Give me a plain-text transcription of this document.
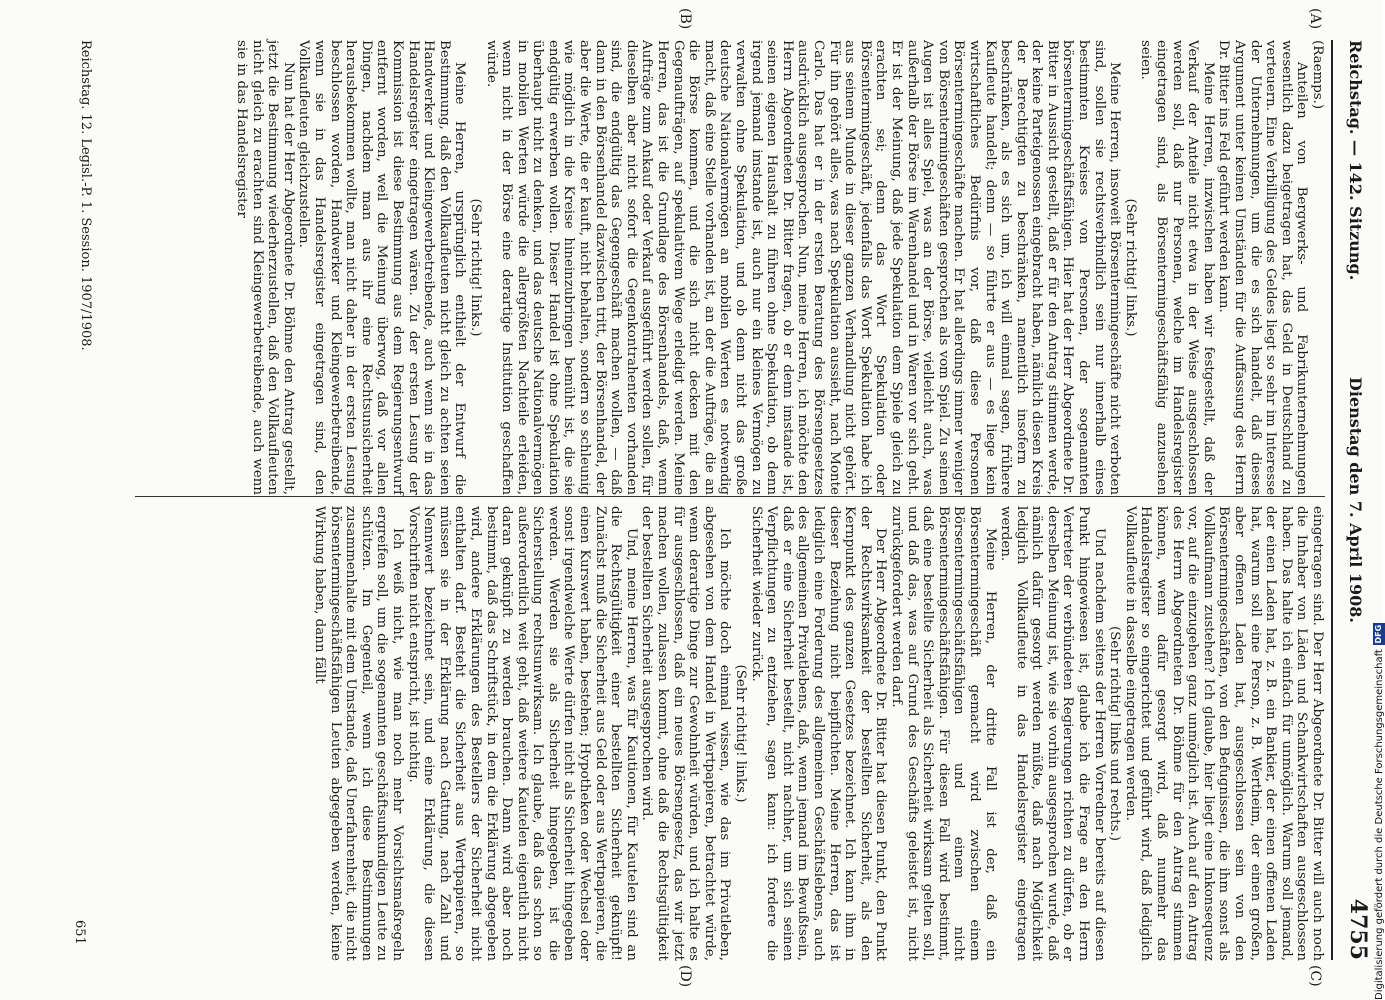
Reichstag. — 142. Sitzung.
Dienstag den 7. April 1908.
4755
(A)
(B)
(C)
(D)

(Raemps.)

Anteilen von Bergwerks- und Fabrikunternehmungen wesentlich dazu beigetragen hat, das Geld in Deutschland zu verteuern. Eine Verbilligung des Geldes liegt so sehr im Interesse der Unternehmungen, um die es sich handelt, daß dieses Argument unter keinen Umständen für die Auffassung des Herrn Dr. Bitter ins Feld geführt werden kann.

Meine Herren, inzwischen haben wir festgestellt, daß der Verkauf der Anteile nicht etwa in der Weise ausgeschlossen werden soll, daß nur Personen, welche im Handelsregister eingetragen sind, als Börsentermingeschäftsfähig anzusehen seien.

(Sehr richtig! links.)

Meine Herren, insoweit Börsentermingeschäfte nicht verboten sind, sollen sie rechtsverbindlich sein nur innerhalb eines bestimmten Kreises von Personen, der sogenannten börsentermingeschäftsfähigen. Hier hat der Herr Abgeordnete Dr. Bitter in Aussicht gestellt, daß er für den Antrag stimmen werde, der keine Parteigenossen eingebracht haben, nämlich diesen Kreis der Berechtigten zu beschränken, namentlich insofern zu beschränken, als es sich um, ich will einmal sagen, frühere Kaufleute handelt; denn — so führte er aus — es liege kein wirtschaftliches Bedürfnis vor, daß diese Personen Börsentermingeschäfte machen. Er hat allerdings immer weniger von Börsentermingeschäften gesprochen als vom Spiel. Zu seinen Augen ist alles Spiel, was an der Börse, vielleicht auch, was außerhalb der Börse im Warenhandel und in Waren vor sich geht. Er ist der Meinung, daß jede Spekulation dem Spiele gleich zu erachten sei; denn das Wort Spekulation oder Börsentermingeschäft, jedenfalls das Wort Spekulation habe ich aus seinem Munde in dieser ganzen Verhandlung nicht gehört. Für ihn gehört alles, was nach Spekulation aussieht, nach Monte Carlo. Das hat er in der ersten Beratung des Börsengesetzes ausdrücklich ausgesprochen. Nun, meine Herren, ich möchte den Herrn Abgeordneten Dr. Bitter fragen, ob er denn imstande ist, seinen eigenen Haushalt zu führen ohne Spekulation, ob denn irgend jemand imstande ist, auch nur ein kleines Vermögen zu verwalten ohne Spekulation, und ob denn nicht das große deutsche Nationalvermögen an mobilen Werten es notwendig macht, daß eine Stelle vorhanden ist, an der die Aufträge, die an die Börse kommen, und die sich nicht decken mit den Gegenaufträgen, auf spekulativem Wege erledigt werden. Meine Herren, das ist die Grundlage des Börsenhandels, daß, wenn Aufträge zum Ankauf oder Verkauf ausgeführt werden sollen, für dieselben aber nicht sofort die Gegenkontrahenten vorhanden sind, die endgültig das Gegengeschäft machen wollen, — daß dann in den Börsenhandel dazwischen tritt, der Börsenhandel, der aber die Werte, die er kauft, nicht behalten, sondern so schleunig wie möglich in die Kreise hineinzubringen bemüht ist, die sie endgültig erwerben wollen. Dieser Handel ist ohne Spekulation überhaupt nicht zu denken, und das deutsche Nationalvermögen in mobilen Werten würde die allergrößten Nachteile erleiden, wenn nicht in der Börse eine derartige Institution geschaffen würde.

(Sehr richtig! links.)

Meine Herren, ursprünglich enthielt der Entwurf die Bestimmung, daß den Vollkaufleuten nicht gleich zu achten seien Handwerker und Kleingewerbetreibende, auch wenn sie in das Handelsregister eingetragen wären. Zu der ersten Lesung der Kommission ist diese Bestimmung aus dem Regierungsentwurf entfernt worden, weil die Meinung überwog, daß vor allen Dingen, nachdem man aus ihr eine Rechtsunsicherheit herausbekommen wollte, man nicht daher in der ersten Lesung beschlossen worden, Handwerker und Kleingewerbetreibende, wenn sie in das Handelsregister eingetragen sind, den Vollkaufleuten gleichzustellen.

Nun hat der Herr Abgeordnete Dr. Böhme den Antrag gestellt, jetzt die Bestimmung wiederherzustellen, daß den Vollkaufleuten nicht gleich zu erachten sind Kleingewerbetreibende, auch wenn sie in das Handelsregister

eingetragen sind. Der Herr Abgeordnete Dr. Bitter will auch noch die Inhaber von Läden und Schankwirtschaften ausgeschlossen haben. Das halte ich einfach für unmöglich. Warum soll jemand, der einen Laden hat, z. B. ein Bankier, der einen offenen Laden hat, warum soll eine Person, z. B. Wertheim, der einen großen, aber offenen Laden hat, ausgeschlossen sein von den Börsentermingeschäften, von den Befugnissen, die ihm sonst als Vollkaufmann zustehen? Ich glaube, hier liegt eine Inkonsequenz vor, auf die einzugehen ganz unmöglich ist. Auch auf den Antrag des Herrn Abgeordneten Dr. Böhme für den Antrag stimmen können, wenn dafür gesorgt wird, daß nunmehr das Handelsregister so eingerichtet und geführt wird, daß lediglich Vollkaufleute in dasselbe eingetragen werden.

(Sehr richtig! links und rechts.)

Und nachdem seitens der Herren Vorredner bereits auf diesen Punkt hingewiesen ist, glaube ich die Frage an den Herrn Vertreter der verbündeten Regierungen richten zu dürfen, ob er derselben Meinung ist, wie sie vorhin ausgesprochen wurde, daß nämlich dafür gesorgt werden müßte, daß nach Möglichkeit lediglich Vollkaufleute in das Handelsregister eingetragen werden.

Meine Herren, der dritte Fall ist der, daß ein Börsentermingeschäft gemacht wird zwischen einem Börsentermingeschäftsfähigen und einem nicht Börsentermingeschäftsfähigen. Für diesen Fall wird bestimmt, daß eine bestellte Sicherheit als Sicherheit wirksam gelten soll, und daß das, was auf Grund des Geschäfts geleistet ist, nicht zurückgefordert werden darf.

Der Herr Abgeordnete Dr. Bitter hat diesen Punkt, den Punkt der Rechtswirksamkeit der bestellten Sicherheit, als den Kernpunkt des ganzen Gesetzes bezeichnet. Ich kann ihm in dieser Beziehung nicht beipflichten. Meine Herren, das ist lediglich eine Forderung des allgemeinen Geschäftslebens, auch des allgemeinen Privatlebens, daß, wenn jemand im Bewußtsein, daß er eine Sicherheit bestellt, nicht nachher, um sich seinen Verpflichtungen zu entziehen, sagen kann: ich fordere die Sicherheit wieder zurück.

(Sehr richtig! links.)

Ich möchte doch einmal wissen, wie das im Privatleben, abgesehen von dem Handel in Wertpapieren, betrachtet würde, wenn derartige Dinge zur Gewohnheit würden, und ich halte es für ausgeschlossen, daß ein neues Börsengesetz, das wir jetzt machen wollen, zulassen kommt, ohne daß die Rechtsgültigkeit der bestellten Sicherheit ausgesprochen wird.

Und, meine Herren, was für Kautionen, für Kautelen sind an die Rechtsgültigkeit einer bestellten Sicherheit geknüpft! Zunächst muß die Sicherheit aus Geld oder aus Wertpapieren, die einen Kurswert haben, bestehen; Hypotheken oder Wechsel oder sonst irgendwelche Werte dürfen nicht als Sicherheit hingegeben werden. Werden sie als Sicherheit hingegeben, ist die Sicherstellung rechtsunwirksam. Ich glaube, daß das schon so außerordentlich weit geht, daß weitere Kautelen eigentlich nicht daran geknüpft zu werden brauchen. Dann wird aber noch bestimmt, daß das Schriftstück, in dem die Erklärung abgegeben wird, andere Erklärungen des Bestellers der Sicherheit nicht enthalten darf. Besteht die Sicherheit aus Wertpapieren, so müssen sie in der Erklärung nach Gattung, nach Zahl und Nennwert bezeichnet sein, und eine Erklärung, die diesen Vorschriften nicht entspricht, ist nichtig.

Ich weiß nicht, wie man noch mehr Vorsichtsmaßregeln ergreifen soll, um die sogenannten geschäftsunkundigen Leute zu schützen. Im Gegenteil, wenn ich diese Bestimmungen zusammenhalte mit dem Umstande, daß Unerfahrenheit, die nicht börsentermingeschäftsfähigen Leuten abgegeben werden, keine Wirkung haben, dann fällt

Reichstag. 12. Legisl.-P. 1. Session. 1907/1908.
651	Digitalisierung gefördert durch die Deutsche Forschungsgemeinschaft
DFG
